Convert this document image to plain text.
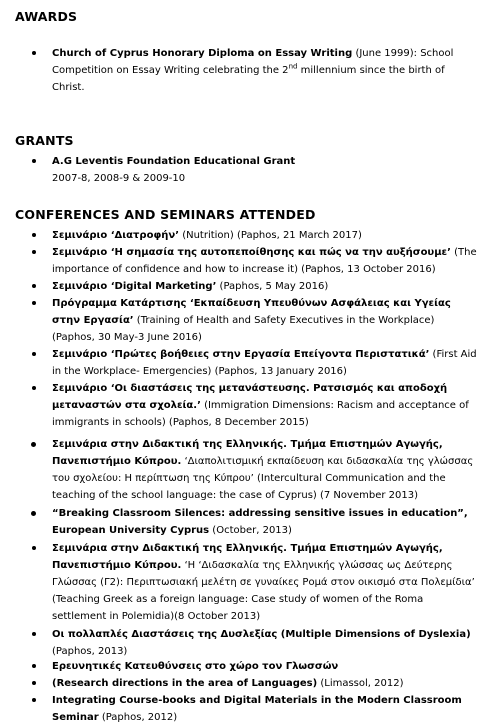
AWARDS
Church of Cyprus Honorary Diploma on Essay Writing (June 1999): School
Competition on Essay Writing celebrating the 2nd millennium since the birth of
Christ.
GRANTS
A.G Leventis Foundation Educational Grant
2007-8, 2008-9 & 2009-10
CONFERENCES AND SEMINARS ATTENDED
Σεμινάριο ‘Διατροφήν’ (Nutrition) (Paphos, 21 March 2017)
Σεμινάριο ‘Η σημασία της αυτοπεποίθησης και πώς να την αυξήσουμε’ (The
importance of confidence and how to increase it) (Paphos, 13 October 2016)
Σεμινάριο ‘Digital Marketing’ (Paphos, 5 May 2016)
Πρόγραμμα Κατάρτισης ‘Εκπαίδευση Υπευθύνων Ασφάλειας και Υγείας
στην Εργασία’ (Training of Health and Safety Executives in the Workplace)
(Paphos, 30 May-3 June 2016)
Σεμινάριο ‘Πρώτες βοήθειες στην Εργασία Επείγοντα Περιστατικά’ (First Aid
in the Workplace- Emergencies) (Paphos, 13 January 2016)
Σεμινάριο ‘Οι διαστάσεις της μετανάστευσης. Ρατσισμός και αποδοχή
μεταναστών στα σχολεία.’ (Immigration Dimensions: Racism and acceptance of
immigrants in schools) (Paphos, 8 December 2015)
Σεμινάρια στην Διδακτική της Ελληνικής. Τμήμα Επιστημών Αγωγής,
Πανεπιστήμιο Κύπρου. ‘Διαπολιτισμική εκπαίδευση και διδασκαλία της γλώσσας
του σχολείου: Η περίπτωση της Κύπρου’ (Intercultural Communication and the
teaching of the school language: the case of Cyprus) (7 November 2013)
“Breaking Classroom Silences: addressing sensitive issues in education”,
European University Cyprus (October, 2013)
Σεμινάρια στην Διδακτική της Ελληνικής. Τμήμα Επιστημών Αγωγής,
Πανεπιστήμιο Κύπρου. ‘Η ‘Διδασκαλία της Ελληνικής γλώσσας ως Δεύτερης
Γλώσσας (Γ2): Περιπτωσιακή μελέτη σε γυναίκες Ρομά στον οικισμό στα Πολεμίδια’
(Teaching Greek as a foreign language: Case study of women of the Roma
settlement in Polemidia)(8 October 2013)
Οι πολλαπλές Διαστάσεις της Δυσλεξίας (Multiple Dimensions of Dyslexia)
(Paphos, 2013)
Ερευνητικές Κατευθύνσεις στο χώρο τον Γλωσσών
(Research directions in the area of Languages) (Limassol, 2012)
Integrating Course-books and Digital Materials in the Modern Classroom
Seminar (Paphos, 2012)
